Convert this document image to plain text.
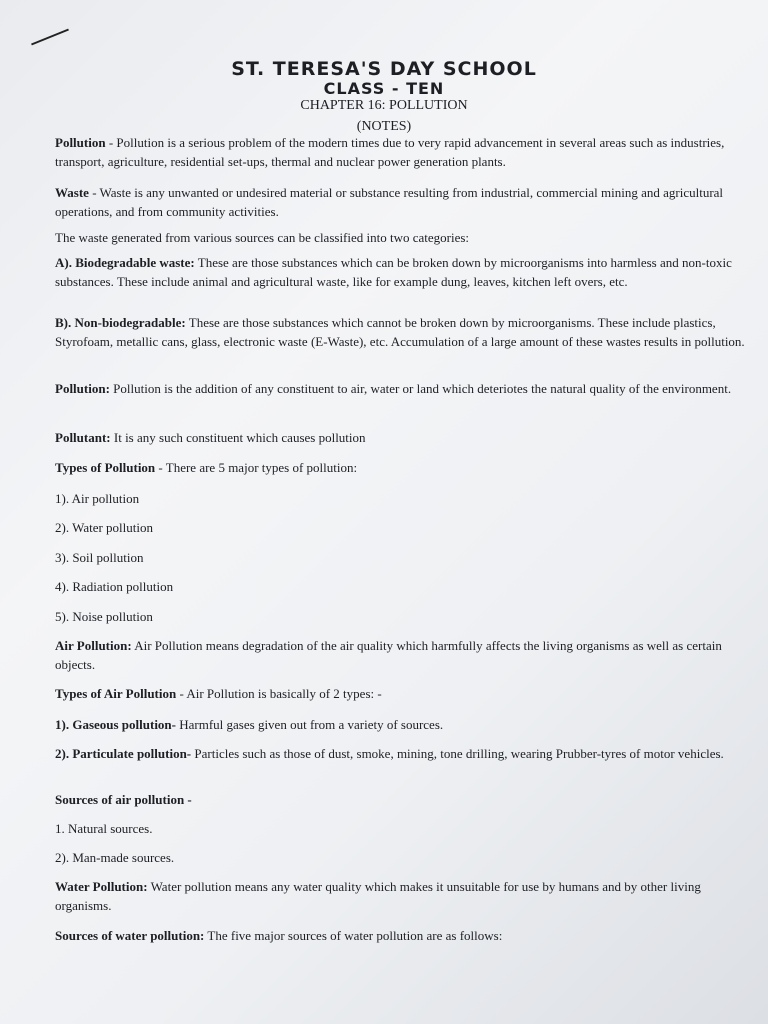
ST. TERESA'S DAY SCHOOL
CLASS - TEN
CHAPTER 16: POLLUTION
(NOTES)
Pollution - Pollution is a serious problem of the modern times due to very rapid advancement in several areas such as industries, transport, agriculture, residential set-ups, thermal and nuclear power generation plants.
Waste - Waste is any unwanted or undesired material or substance resulting from industrial, commercial mining and agricultural operations, and from community activities.
The waste generated from various sources can be classified into two categories:
A). Biodegradable waste: These are those substances which can be broken down by microorganisms into harmless and non-toxic substances. These include animal and agricultural waste, like for example dung, leaves, kitchen left overs, etc.
B). Non-biodegradable: These are those substances which cannot be broken down by microorganisms. These include plastics, Styrofoam, metallic cans, glass, electronic waste (E-Waste), etc. Accumulation of a large amount of these wastes results in pollution.
Pollution: Pollution is the addition of any constituent to air, water or land which deteriotes the natural quality of the environment.
Pollutant: It is any such constituent which causes pollution
Types of Pollution - There are 5 major types of pollution:
1). Air pollution
2). Water pollution
3). Soil pollution
4). Radiation pollution
5). Noise pollution
Air Pollution: Air Pollution means degradation of the air quality which harmfully affects the living organisms as well as certain objects.
Types of Air Pollution - Air Pollution is basically of 2 types: -
1). Gaseous pollution- Harmful gases given out from a variety of sources.
2). Particulate pollution- Particles such as those of dust, smoke, mining, tone drilling, wearing Prubber-tyres of motor vehicles.
Sources of air pollution -
1. Natural sources.
2). Man-made sources.
Water Pollution: Water pollution means any water quality which makes it unsuitable for use by humans and by other living organisms.
Sources of water pollution: The five major sources of water pollution are as follows:
